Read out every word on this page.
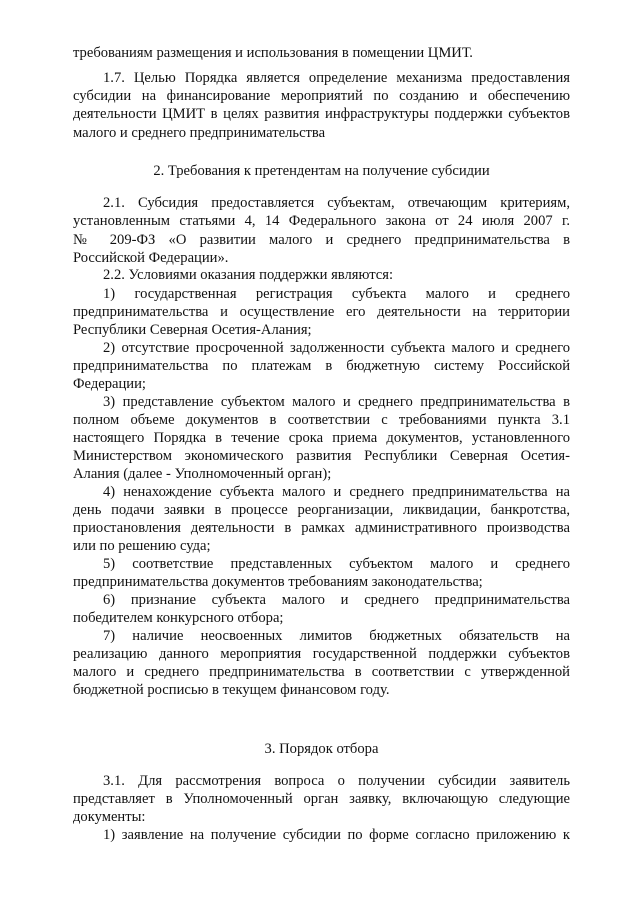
требованиям размещения и использования в помещении ЦМИТ.
1.7. Целью Порядка является определение механизма предоставления
субсидии на финансирование мероприятий по созданию и обеспечению
деятельности ЦМИТ в целях развития инфраструктуры поддержки субъектов
малого и среднего предпринимательства
2. Требования к претендентам на получение субсидии
2.1. Субсидия предоставляется субъектам, отвечающим критериям,
установленным статьями 4, 14 Федерального закона от 24 июля 2007 г.
№ 209-ФЗ «О развитии малого и среднего предпринимательства в
Российской Федерации».
2.2. Условиями оказания поддержки являются:
1) государственная регистрация субъекта малого и среднего
предпринимательства и осуществление его деятельности на территории
Республики Северная Осетия-Алания;
2) отсутствие просроченной задолженности субъекта малого и среднего
предпринимательства по платежам в бюджетную систему Российской
Федерации;
3) представление субъектом малого и среднего предпринимательства в
полном объеме документов в соответствии с требованиями пункта 3.1
настоящего Порядка в течение срока приема документов, установленного
Министерством экономического развития Республики Северная Осетия-
Алания (далее - Уполномоченный орган);
4) ненахождение субъекта малого и среднего предпринимательства на
день подачи заявки в процессе реорганизации, ликвидации, банкротства,
приостановления деятельности в рамках административного производства
или по решению суда;
5) соответствие представленных субъектом малого и среднего
предпринимательства документов требованиям законодательства;
6) признание субъекта малого и среднего предпринимательства
победителем конкурсного отбора;
7) наличие неосвоенных лимитов бюджетных обязательств на
реализацию данного мероприятия государственной поддержки субъектов
малого и среднего предпринимательства в соответствии с утвержденной
бюджетной росписью в текущем финансовом году.
3. Порядок отбора
3.1. Для рассмотрения вопроса о получении субсидии заявитель
представляет в Уполномоченный орган заявку, включающую следующие
документы:
1) заявление на получение субсидии по форме согласно приложению к
